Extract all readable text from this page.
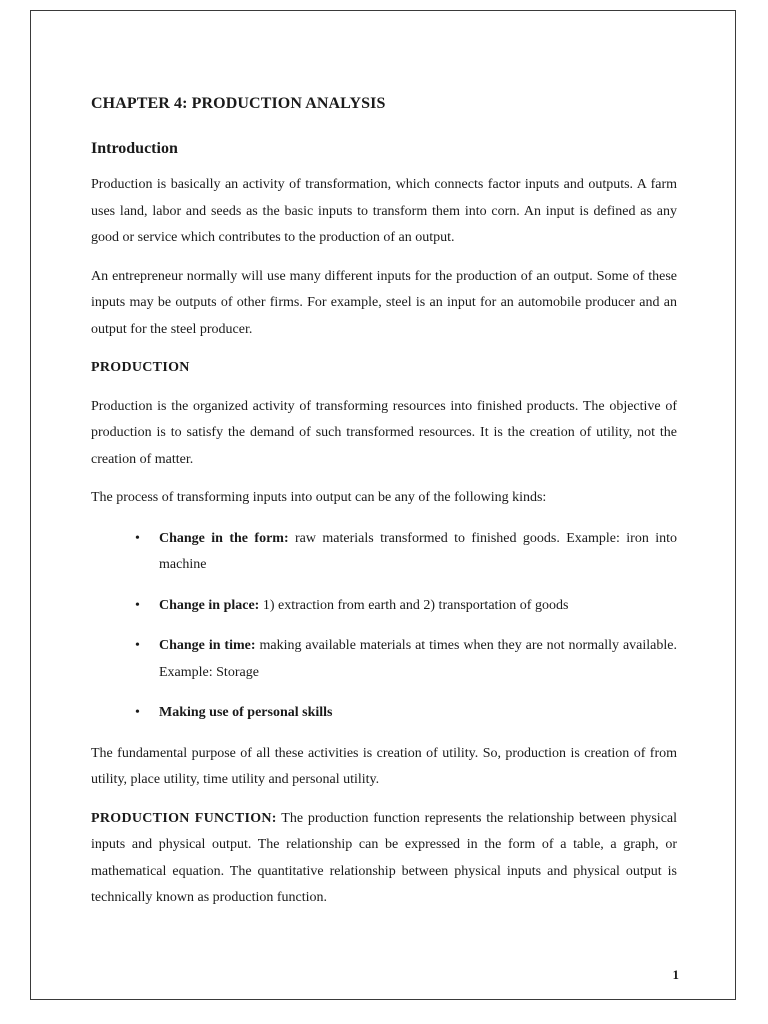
CHAPTER 4: PRODUCTION ANALYSIS
Introduction

Production is basically an activity of transformation, which connects factor inputs and outputs. A farm uses land, labor and seeds as the basic inputs to transform them into corn. An input is defined as any good or service which contributes to the production of an output.

An entrepreneur normally will use many different inputs for the production of an output. Some of these inputs may be outputs of other firms. For example, steel is an input for an automobile producer and an output for the steel producer.

PRODUCTION

Production is the organized activity of transforming resources into finished products. The objective of production is to satisfy the demand of such transformed resources. It is the creation of utility, not the creation of matter.

The process of transforming inputs into output can be any of the following kinds:

• Change in the form: raw materials transformed to finished goods. Example: iron into machine
• Change in place: 1) extraction from earth and 2) transportation of goods
• Change in time: making available materials at times when they are not normally available. Example: Storage
• Making use of personal skills

The fundamental purpose of all these activities is creation of utility. So, production is creation of from utility, place utility, time utility and personal utility.

PRODUCTION FUNCTION: The production function represents the relationship between physical inputs and physical output. The relationship can be expressed in the form of a table, a graph, or mathematical equation. The quantitative relationship between physical inputs and physical output is technically known as production function.

1
